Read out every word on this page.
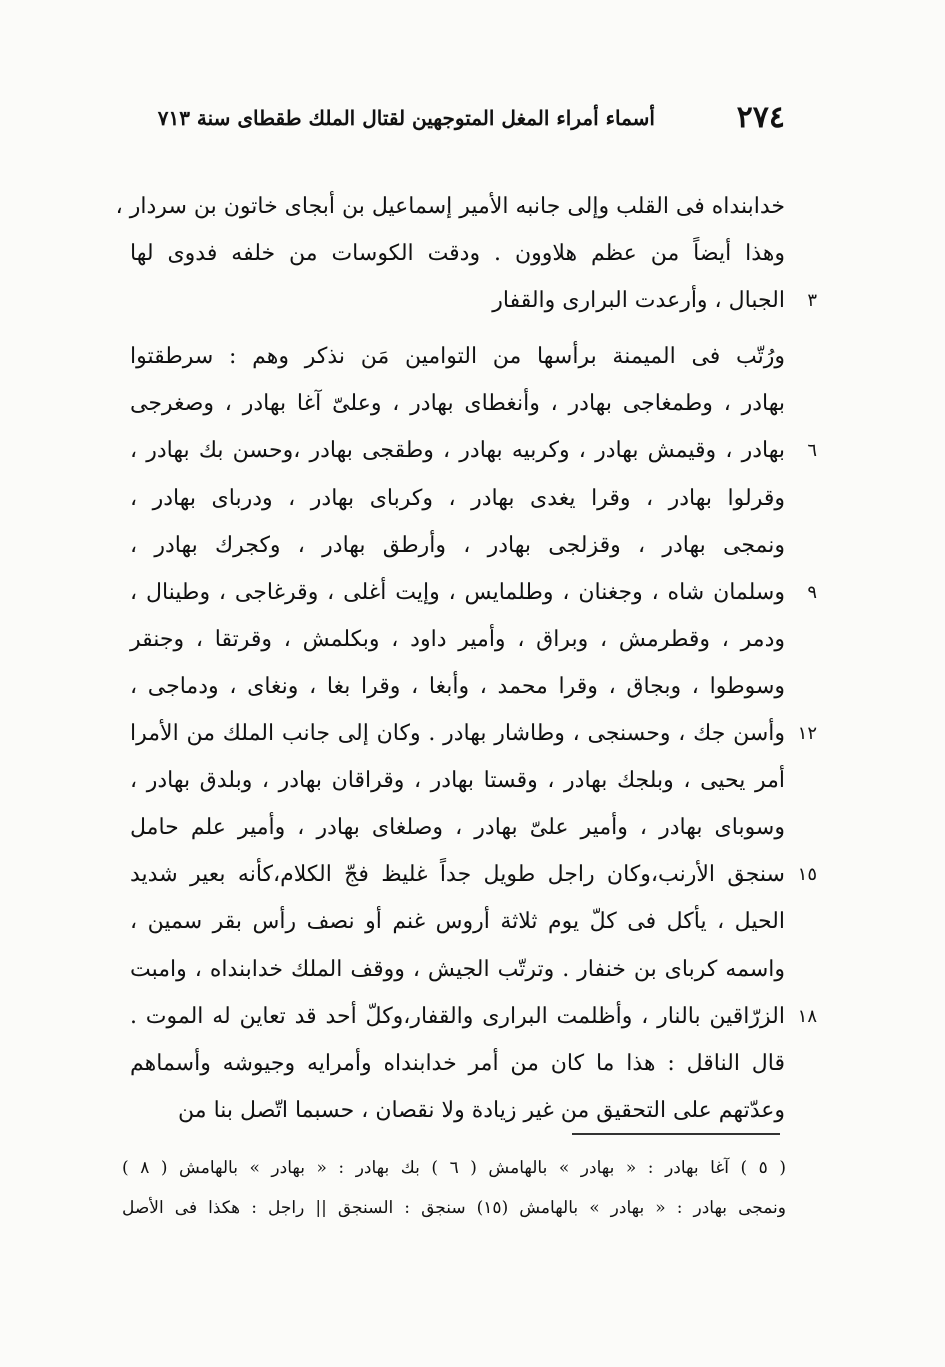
٢٧٤
أسماء أمراء المغل المتوجهين لقتال الملك طقطاى سنة ٧١٣
خدابنداه فى القلب وإلى جانبه الأمير إسماعيل بن أبجاى خاتون بن سردار ،
وهذا أيضاً من عظم هلاوون . ودقت الكوسات من خلفه فدوى لها
الجبال ، وأرعدت البرارى والقفار ٣
ورُتّب فى الميمنة برأسها من التوامين مَن نذكر وهم : سرطقتوا
بهادر ، وطمغاجى بهادر ، وأنغطاى بهادر ، وعلىّ آغا بهادر ، وصغرجى
بهادر ، وقيمش بهادر ، وكربيه بهادر ، وطقجى بهادر ،وحسن بك بهادر ، ٦
وقرلوا بهادر ، وقرا يغدى بهادر ، وكرباى بهادر ، ودرباى بهادر ،
ونمجى بهادر ، وقزلجى بهادر ، وأرطق بهادر ، وكجرك بهادر ،
وسلمان شاه ، وجغنان ، وطلمايس ، وإيت أغلى ، وقرغاجى ، وطينال ، ٩
ودمر ، وقطرمش ، وبراق ، وأمير داود ، وبكلمش ، وقرتقا ، وجنقر
وسوطوا ، وبجاق ، وقرا محمد ، وأبغا ، وقرا بغا ، ونغاى ، ودماجى ،
وأسن جك ، وحسنجى ، وطاشار بهادر . وكان إلى جانب الملك من الأمرا ١٢
أمر يحيى ، وبلجك بهادر ، وقستا بهادر ، وقراقان بهادر ، وبلدق بهادر ،
وسوباى بهادر ، وأمير علىّ بهادر ، وصلغاى بهادر ، وأمير علم حامل
سنجق الأرنب،وكان راجل طويل جداً غليظ فجّ الكلام،كأنه بعير شديد ١٥
الحيل ، يأكل فى كلّ يوم ثلاثة أروس غنم أو نصف رأس بقر سمين ،
واسمه كرباى بن خنفار . وترتّب الجيش ، ووقف الملك خدابنداه ، وامبت
الزرّاقين بالنار ، وأظلمت البرارى والقفار،وكلّ أحد قد تعاين له الموت . ١٨
قال الناقل : هذا ما كان من أمر خدابنداه وأمرايه وجيوشه وأسماهم
وعدّتهم على التحقيق من غير زيادة ولا نقصان ، حسبما اتّصل بنا من
( ٥ ) آغا بهادر : « بهادر » بالهامش ( ٦ ) بك بهادر : « بهادر » بالهامش ( ٨ )
ونمجى بهادر : « بهادر » بالهامش (١٥) سنجق : السنجق || راجل : هكذا فى الأصل
